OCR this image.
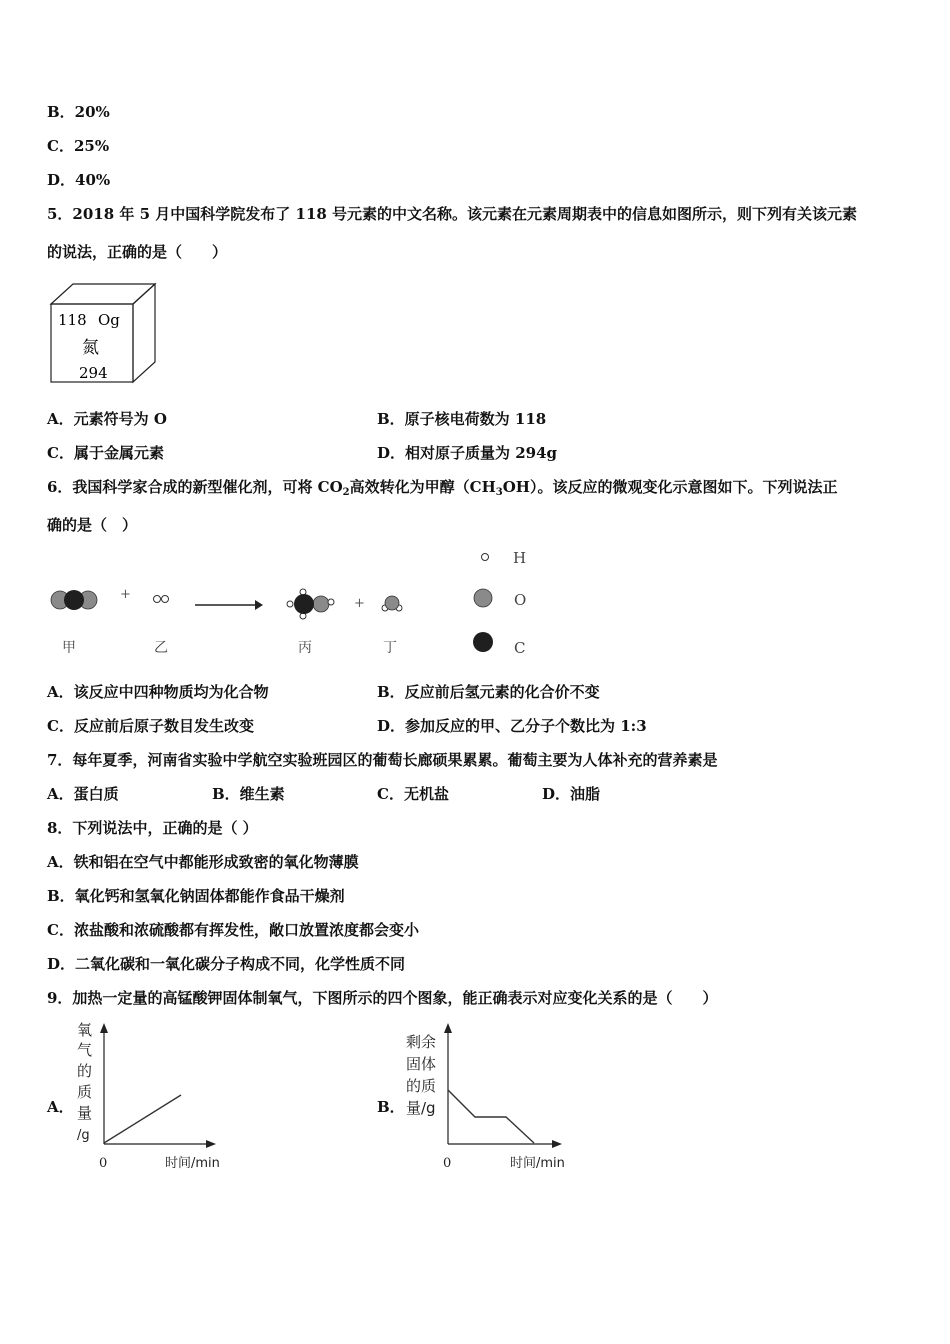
B．20%
C．25%
D．40%
5．2018 年 5 月中国科学院发布了 118 号元素的中文名称。该元素在元素周期表中的信息如图所示，则下列有关该元素
的说法，正确的是（　　）
118 Og
氮
294
A．元素符号为 O	B．原子核电荷数为 118
C．属于金属元素	D．相对原子质量为 294g
6．我国科学家合成的新型催化剂，可将 $CO_2$高效转化为甲醇$(CH_3OH)$。该反应的微观变化示意图如下。下列说法正
确的是（　）
+
+
甲	乙	丙	丁
H
O
C
A．该反应中四种物质均为化合物	B．反应前后氢元素的化合价不变
C．反应前后原子数目发生改变	D．参加反应的甲、乙分子个数比为 1:3
7．每年夏季，河南省实验中学航空实验班园区的葡萄长廊硕果累累。葡萄主要为人体补充的营养素是
A．蛋白质	B．维生素	C．无机盐	D．油脂
8．下列说法中，正确的是（ ）
A．铁和铝在空气中都能形成致密的氧化物薄膜
B．氧化钙和氢氧化钠固体都能作食品干燥剂
C．浓盐酸和浓硫酸都有挥发性，敞口放置浓度都会变小
D．二氧化碳和一氧化碳分子构成不同，化学性质不同
9．加热一定量的高锰酸钾固体制氧气，下图所示的四个图象，能正确表示对应变化关系的是（　　）
A．
氧
气
的
质
量
/g
0	时间/min
B．
剩余
固体
的质
量/g
0	时间/min
